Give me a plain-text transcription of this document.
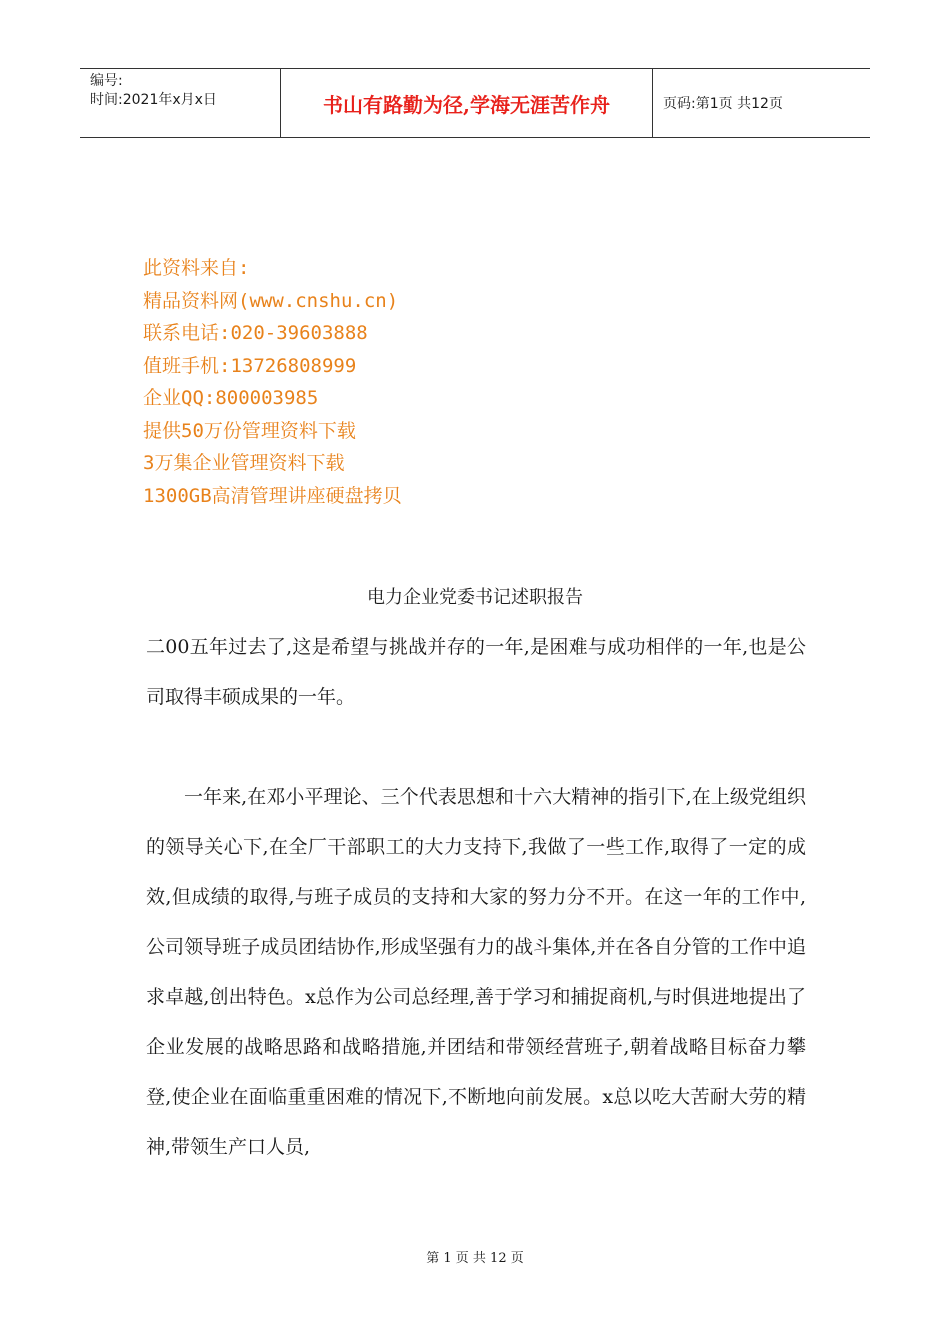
编号:
时间:2021年x月x日	书山有路勤为径,学海无涯苦作舟	页码:第1页 共12页
此资料来自:
精品资料网(www.cnshu.cn)
联系电话:020-39603888
值班手机:13726808999
企业QQ:800003985
提供50万份管理资料下载
3万集企业管理资料下载
1300GB高清管理讲座硬盘拷贝
电力企业党委书记述职报告
二00五年过去了,这是希望与挑战并存的一年,是困难与成功相伴的一年,也是公司取得丰硕成果的一年。
一年来,在邓小平理论、三个代表思想和十六大精神的指引下,在上级党组织的领导关心下,在全厂干部职工的大力支持下,我做了一些工作,取得了一定的成效,但成绩的取得,与班子成员的支持和大家的努力分不开。在这一年的工作中,公司领导班子成员团结协作,形成坚强有力的战斗集体,并在各自分管的工作中追求卓越,创出特色。x总作为公司总经理,善于学习和捕捉商机,与时俱进地提出了企业发展的战略思路和战略措施,并团结和带领经营班子,朝着战略目标奋力攀登,使企业在面临重重困难的情况下,不断地向前发展。x总以吃大苦耐大劳的精神,带领生产口人员,
第 1 页 共 12 页
